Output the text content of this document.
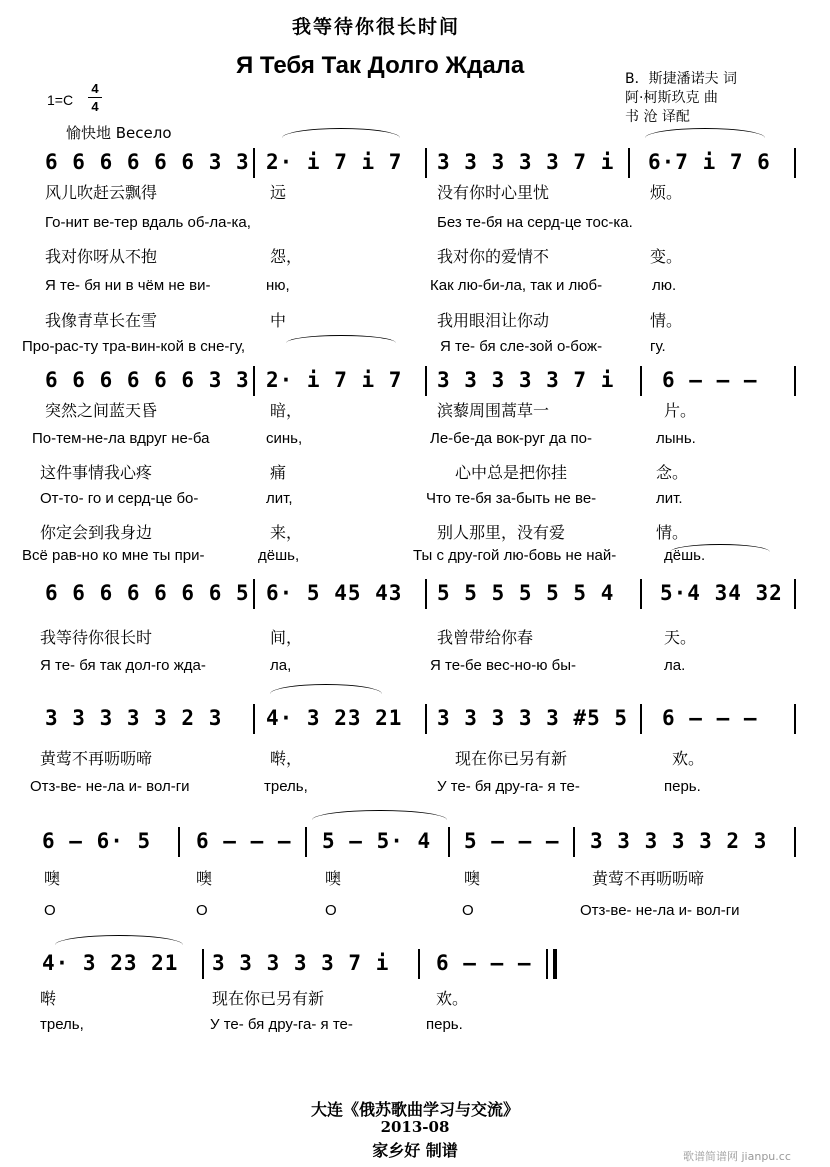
我等待你很长时间
Я Тебя Так Долго Ждала	В．斯捷潘诺夫 词
阿·柯斯玖克 曲
书 沧 译配
1=C
4
4
愉快地 Весело
6 6 6 6 6 6 3 3 2· i 7 i 7 3 3 3 3 3 7 i 6·7 i 7 6
风儿吹赶云飘得	远	没有你时心里忧	烦。
Го-нит ве-тер вдаль об-ла-ка,	Без те-бя на серд-це тос-ка.
我对你呀从不抱	怨，	我对你的爱情不	变。
Я те- бя ни в чём не ви-	ню,	Как лю-би-ла, так и люб-	лю.
我像青草长在雪	中	我用眼泪让你动	情。
Про-рас-ту тра-вин-кой в сне-гу,	Я те- бя сле-зой о-бож-	гу.
6 6 6 6 6 6 3 3 2· i 7 i 7 3 3 3 3 3 7 i 6 – – –
突然之间蓝天昏	暗，	滨藜周围蒿草一	片。
По-тем-не-ла вдруг не-ба	синь,	Ле-бе-да вок-руг да по-	лынь.
这件事情我心疼	痛	心中总是把你挂	念。
От-то- го и серд-це бо-	лит,	Что те-бя за-быть не ве-	лит.
你定会到我身边	来，	别人那里，没有爱	情。
Всё рав-но ко мне ты при-	дёшь,	Ты с дру-гой лю-бовь не най-	дёшь.
6 6 6 6 6 6 6 5 6· 5 45 43 5 5 5 5 5 5 4 5·4 34 32
我等待你很长时	间，	我曾带给你春	天。
Я те- бя так дол-го жда-	ла,	Я те-бе вес-но-ю бы-	ла.
3 3 3 3 3 2 3 4· 3 23 21 3 3 3 3 3 #5 5 6 – – –
黄莺不再呖呖啼	啭，	现在你已另有新	欢。
Отз-ве- не-ла и- вол-ги	трель,	У те- бя дру-га- я те-	перь.
6 – 6· 5 6 – – – 5 – 5· 4 5 – – – 3 3 3 3 3 2 3
噢	噢	噢	噢	黄莺不再呖呖啼
О	О	О	О	Отз-ве- не-ла и- вол-ги
4· 3 23 21 3 3 3 3 3 7 i 6 – – –
啭	现在你已另有新	欢。
трель,	У те- бя дру-га- я те-	перь.
大连《俄苏歌曲学习与交流》
2013-08
家乡好 制谱	歌谱简谱网 jianpu.cc
